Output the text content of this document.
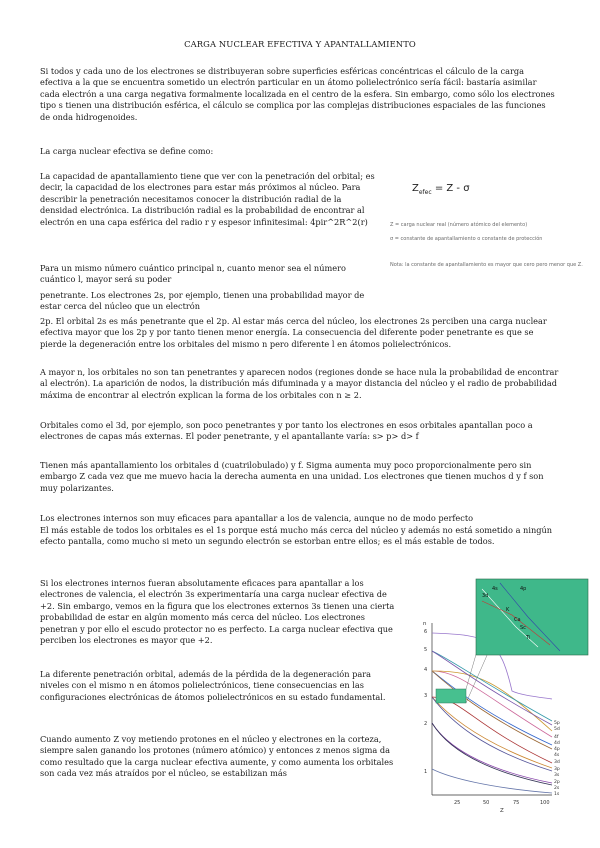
CARGA NUCLEAR EFECTIVA Y APANTALLAMIENTO

Si todos y cada uno de los electrones se distribuyeran sobre superficies esféricas concéntricas el cálculo de la carga efectiva a la que se encuentra sometido un electrón particular en un átomo polielectrónico sería fácil: bastaría asimilar cada electrón a una carga negativa formalmente localizada en el centro de la esfera. Sin embargo, como sólo los electrones tipo s tienen una distribución esférica, el cálculo se complica por las complejas distribuciones espaciales de las funciones de onda hidrogenoides.

La carga nuclear efectiva se define como:

La capacidad de apantallamiento tiene que ver con la penetración del orbital; es decir, la capacidad de los electrones para estar más próximos al núcleo. Para describir la penetración necesitamos conocer la distribución radial de la densidad electrónica. La distribución radial es la probabilidad de encontrar al electrón en una capa esférica del radio r y espesor infinitesimal: 4pir^2R^2(r)

Para un mismo número cuántico principal n, cuanto menor sea el número cuántico l, mayor será su poder

penetrante. Los electrones 2s, por ejemplo, tienen una probabilidad mayor de estar cerca del núcleo que un electrón

2p. El orbital 2s es más penetrante que el 2p. Al estar más cerca del núcleo, los electrones 2s perciben una carga nuclear efectiva mayor que los 2p y por tanto tienen menor energía. La consecuencia del diferente poder penetrante es que se pierde la degeneración entre los orbitales del mismo n pero diferente l en átomos polielectrónicos.

A mayor n, los orbitales no son tan penetrantes y aparecen nodos (regiones donde se hace nula la probabilidad de encontrar al electrón). La aparición de nodos, la distribución más difuminada y a mayor distancia del núcleo y el radio de probabilidad máxima de encontrar al electrón explican la forma de los orbitales con n ≥ 2.

Orbitales como el 3d, por ejemplo, son poco penetrantes y por tanto los electrones en esos orbitales apantallan poco a electrones de capas más externas. El poder penetrante, y el apantallante varía: s> p> d> f

Tienen más apantallamiento los orbitales d (cuatrilobulado) y f. Sigma aumenta muy poco proporcionalmente pero sin embargo Z cada vez que me muevo hacia la derecha aumenta en una unidad. Los electrones que tienen muchos d y f son muy polarizantes.

Los electrones internos son muy eficaces para apantallar a los de valencia, aunque no de modo perfecto

El más estable de todos los orbitales es el 1s porque está mucho más cerca del núcleo y además no está sometido a ningún efecto pantalla, como mucho si meto un segundo electrón se estorban entre ellos; es el más estable de todos.

Si los electrones internos fueran absolutamente eficaces para apantallar a los electrones de valencia, el electrón 3s experimentaría una carga nuclear efectiva de +2. Sin embargo, vemos en la figura que los electrones externos 3s tienen una cierta probabilidad de estar en algún momento más cerca del núcleo. Los electrones penetran y por ello el escudo protector no es perfecto. La carga nuclear efectiva que perciben los electrones es mayor que +2.

La diferente penetración orbital, además de la pérdida de la degeneración para niveles con el mismo n en átomos polielectrónicos, tiene consecuencias en las configuraciones electrónicas de átomos polielectrónicos en su estado fundamental.

Cuando aumento Z voy metiendo protones en el núcleo y electrones en la corteza, siempre salen ganando los protones (número atómico) y entonces z menos sigma da como resultado que la carga nuclear efectiva aumente, y como aumenta los orbitales son cada vez más atraídos por el núcleo, se estabilizan más

$Z_{efec} = Z - \sigma$
Z = carga nuclear real (número atómico del elemento)
σ = constante de apantallamiento o constante de protección
Nota: la constante de apantallamiento es mayor que cero pero menor que Z.
n
Z
1
2
3
4
5
6
25	50	75	100
4s	4p
3d
K
Ca
Sc
Ti
5p
5d
4f
4d
4p
4s
3d
3p
3s
2p
2s
1s
